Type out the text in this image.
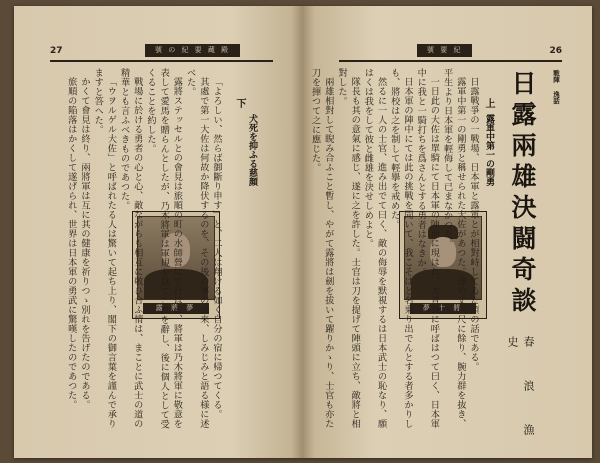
27	號 の 紀 要 蔵 殿
下
犬死を抑ふる慈顔
露 將 夢	「よろしい、然らば御斷り申す」と、二人は翔ける如く自分の宿に帰つてくる。

其處で第一大佐は何故か降伏するのを、その後の事の由来、しみじみと語る様に述べた。

露將ステッセルとの會見は旅順の町の水師營にて行はれ、將軍は乃木將軍に敬意を表して愛馬を贈らんとしたが、乃木將軍は軍規を以てこれを辭し、後に個人として受くることを約した。

戰場に於ける勇者の心と心、敵ながらも相互に敬ひ合ふ情は、まことに武士の道の精華とも言ふべきものであつた。

「ウヲルゲル大佐」と呼ばれたる人は驚いて起ち上り、閣下の御言葉を謹んで承りますと答へた。

かくて會見は終り、兩將軍は互に其の健康を祈りつゝ別れを告げたのである。

旅順の陥落はかくして遂げられ、世界は日本軍の勇武に驚嘆したのであつた。

號 要 紀	26
戰陣 逸話
日露兩雄決闘奇談
春 浪 漁 史
上
露軍中第一の剛勇
夢 十 將 日露戰爭の一戰場、日本軍と露軍とが相對峙してゐた頃の話である。

露軍中第一の剛勇と稱せられた大佐があつた。身の丈六尺に餘り、腕力群を抜き、平生より日本軍を輕侮して已まなかつた。

一日此の大佐は單騎にて日本軍の陣前に現はれ、大音聲に呼ばはつて曰く、日本軍中に我と一騎打ちを爲さんとする勇者はなきか。

日本軍の陣中にては此の挑戰を聞いて、我こそはと名乗り出でんとする者多かりしも、將校は之を制して輕擧を戒めた。

然るに一人の士官、進み出でて曰く、敵の侮辱を默視するは日本武士の恥なり、願はくは我をして彼と雌雄を決せしめよと。

隊長も其の意氣に感じ、遂に之を許した。士官は刀を提げて陣頭に立ち、敵將と相對した。

兩雄相對して睨み合ふこと暫し、やがて露將は劍を拔いて躍りかゝり、士官も亦た刀を揮つて之に應じた。
